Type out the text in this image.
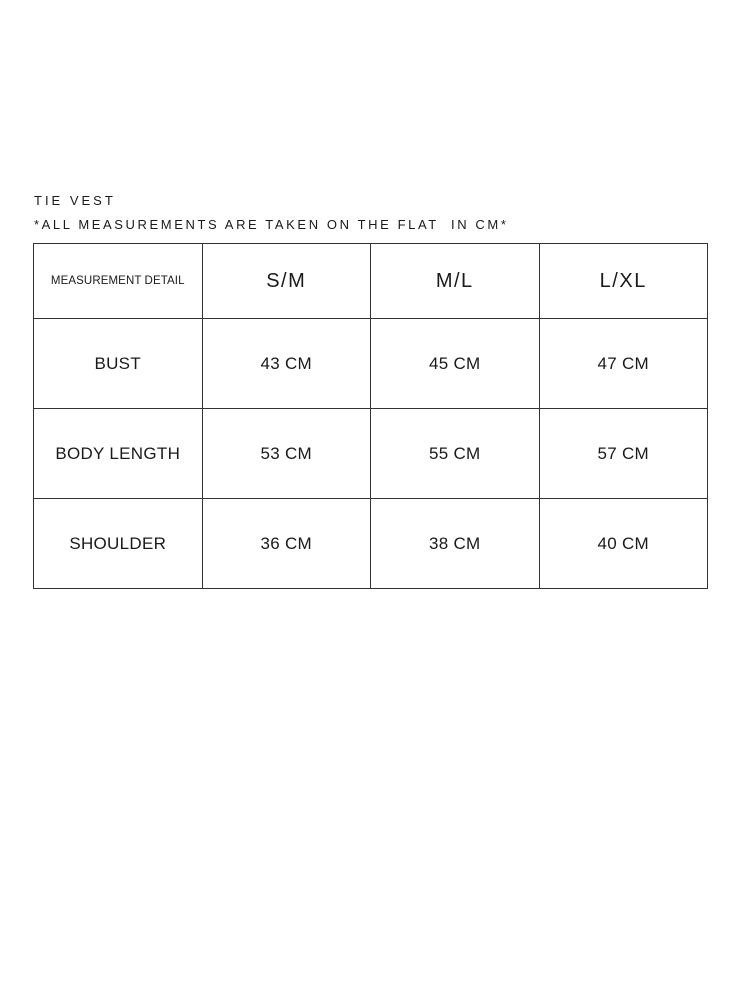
TIE VEST
*ALL MEASUREMENTS ARE TAKEN ON THE FLAT  IN CM*
MEASUREMENT DETAIL	S/M	M/L	L/XL
BUST	43 CM	45 CM	47 CM
BODY LENGTH	53 CM	55 CM	57 CM
SHOULDER	36 CM	38 CM	40 CM
